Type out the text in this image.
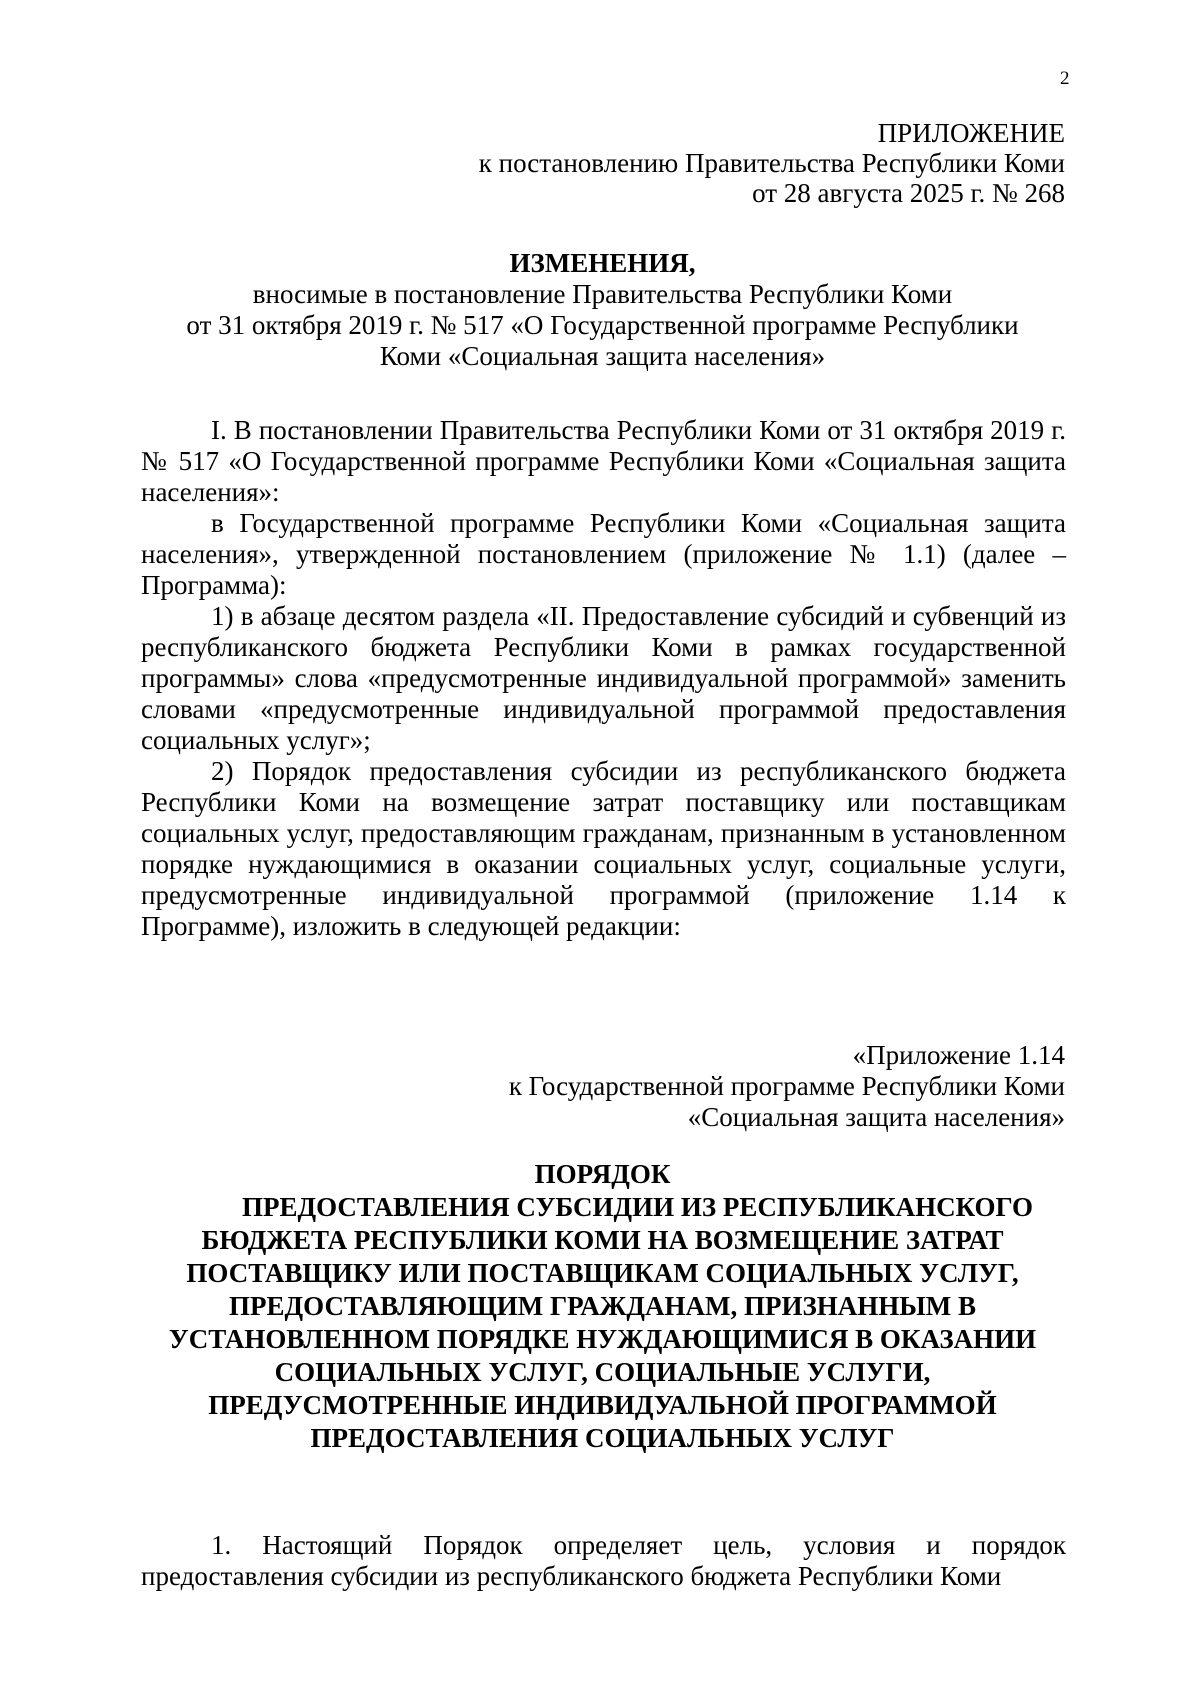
2
ПРИЛОЖЕНИЕ
к постановлению Правительства Республики Коми
от 28 августа 2025 г. № 268
ИЗМЕНЕНИЯ,
вносимые в постановление Правительства Республики Коми
от 31 октября 2019 г. № 517 «О Государственной программе Республики
Коми «Социальная защита населения»

I. В постановлении Правительства Республики Коми от 31 октября 2019 г. № 517 «О Государственной программе Республики Коми «Социальная защита населения»:

в Государственной программе Республики Коми «Социальная защита населения», утвержденной постановлением (приложение № 1.1) (далее – Программа):

1) в абзаце десятом раздела «II. Предоставление субсидий и субвенций из республиканского бюджета Республики Коми в рамках государственной программы» слова «предусмотренные индивидуальной программой» заменить словами «предусмотренные индивидуальной программой предоставления социальных услуг»;

2) Порядок предоставления субсидии из республиканского бюджета Республики Коми на возмещение затрат поставщику или поставщикам социальных услуг, предоставляющим гражданам, признанным в установленном порядке нуждающимися в оказании социальных услуг, социальные услуги, предусмотренные индивидуальной программой (приложение 1.14 к Программе), изложить в следующей редакции:

«Приложение 1.14
к Государственной программе Республики Коми
«Социальная защита населения»
ПОРЯДОК
ПРЕДОСТАВЛЕНИЯ СУБСИДИИ ИЗ РЕСПУБЛИКАНСКОГО
БЮДЖЕТА РЕСПУБЛИКИ КОМИ НА ВОЗМЕЩЕНИЕ ЗАТРАТ
ПОСТАВЩИКУ ИЛИ ПОСТАВЩИКАМ СОЦИАЛЬНЫХ УСЛУГ,
ПРЕДОСТАВЛЯЮЩИМ ГРАЖДАНАМ, ПРИЗНАННЫМ В
УСТАНОВЛЕННОМ ПОРЯДКЕ НУЖДАЮЩИМИСЯ В ОКАЗАНИИ
СОЦИАЛЬНЫХ УСЛУГ, СОЦИАЛЬНЫЕ УСЛУГИ,
ПРЕДУСМОТРЕННЫЕ ИНДИВИДУАЛЬНОЙ ПРОГРАММОЙ
ПРЕДОСТАВЛЕНИЯ СОЦИАЛЬНЫХ УСЛУГ

1. Настоящий Порядок определяет цель, условия и порядок предоставления субсидии из республиканского бюджета Республики Коми
